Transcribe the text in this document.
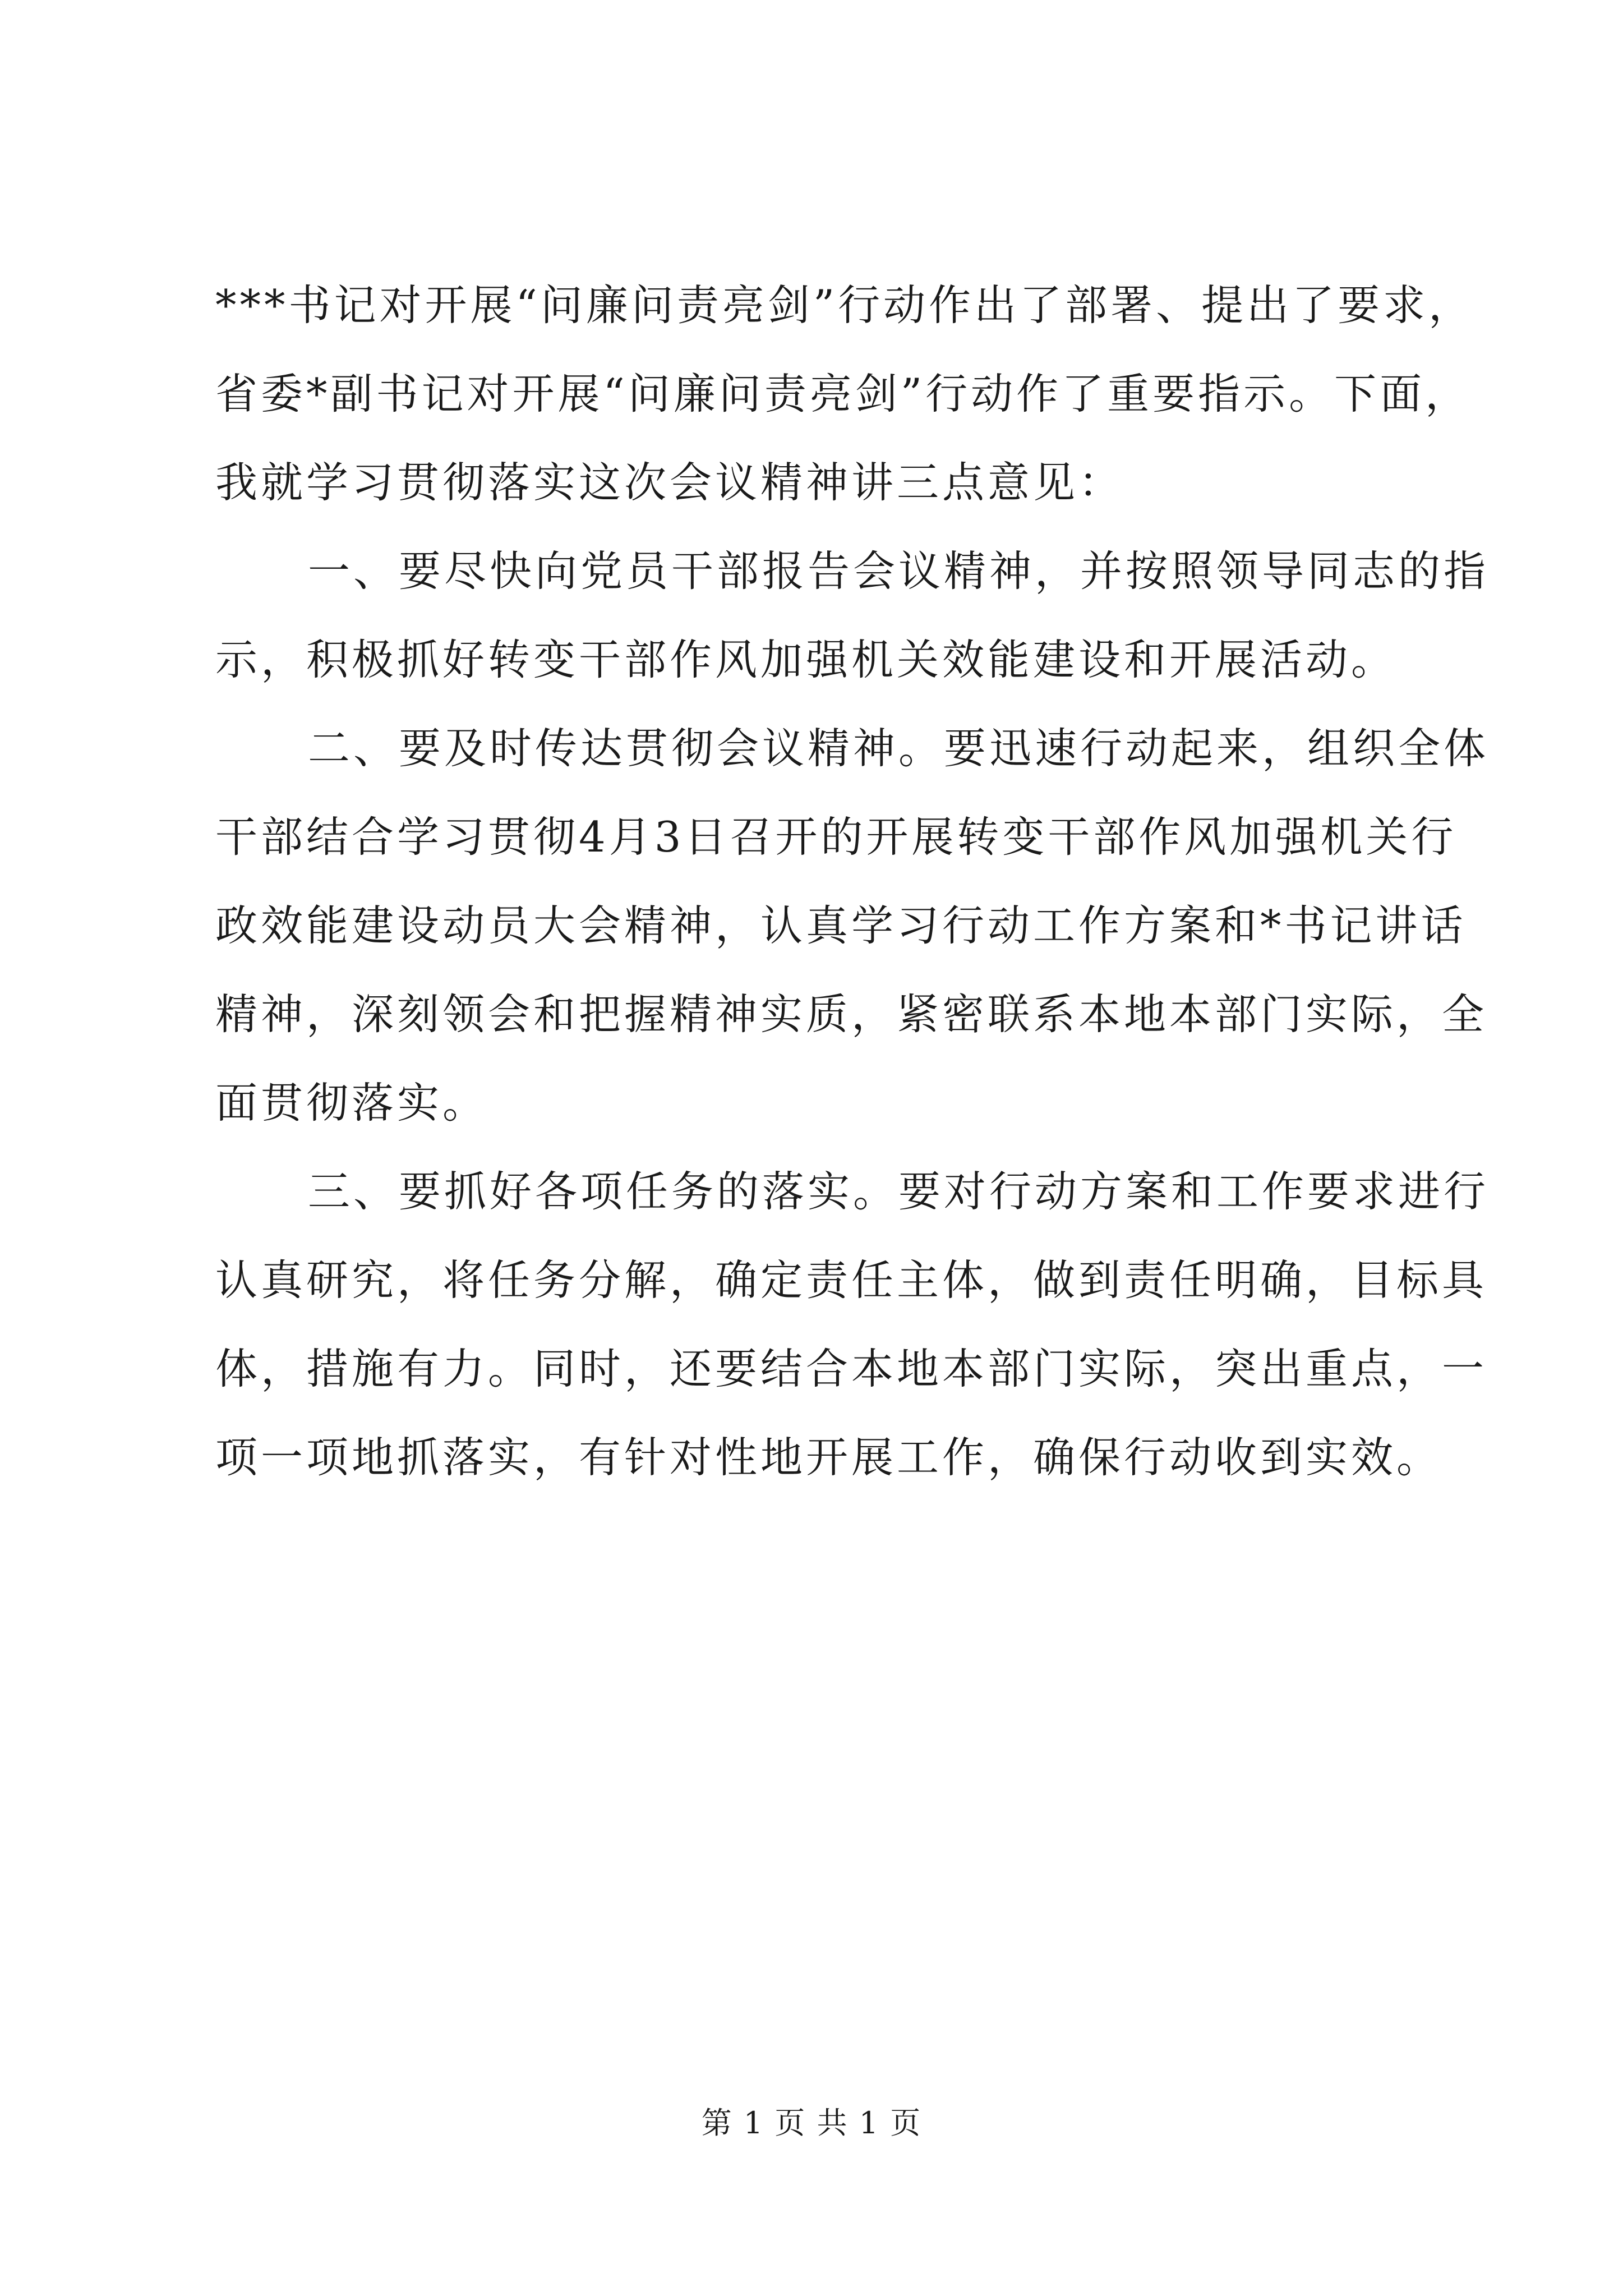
***书记对开展“问廉问责亮剑”行动作出了部署、提出了要求，
省委*副书记对开展“问廉问责亮剑”行动作了重要指示。下面，
我就学习贯彻落实这次会议精神讲三点意见：
一、要尽快向党员干部报告会议精神，并按照领导同志的指
示，积极抓好转变干部作风加强机关效能建设和开展活动。
二、要及时传达贯彻会议精神。要迅速行动起来，组织全体
干部结合学习贯彻4月3日召开的开展转变干部作风加强机关行
政效能建设动员大会精神，认真学习行动工作方案和*书记讲话
精神，深刻领会和把握精神实质，紧密联系本地本部门实际，全
面贯彻落实。
三、要抓好各项任务的落实。要对行动方案和工作要求进行
认真研究，将任务分解，确定责任主体，做到责任明确，目标具
体，措施有力。同时，还要结合本地本部门实际，突出重点，一
项一项地抓落实，有针对性地开展工作，确保行动收到实效。
第 1 页 共 1 页
